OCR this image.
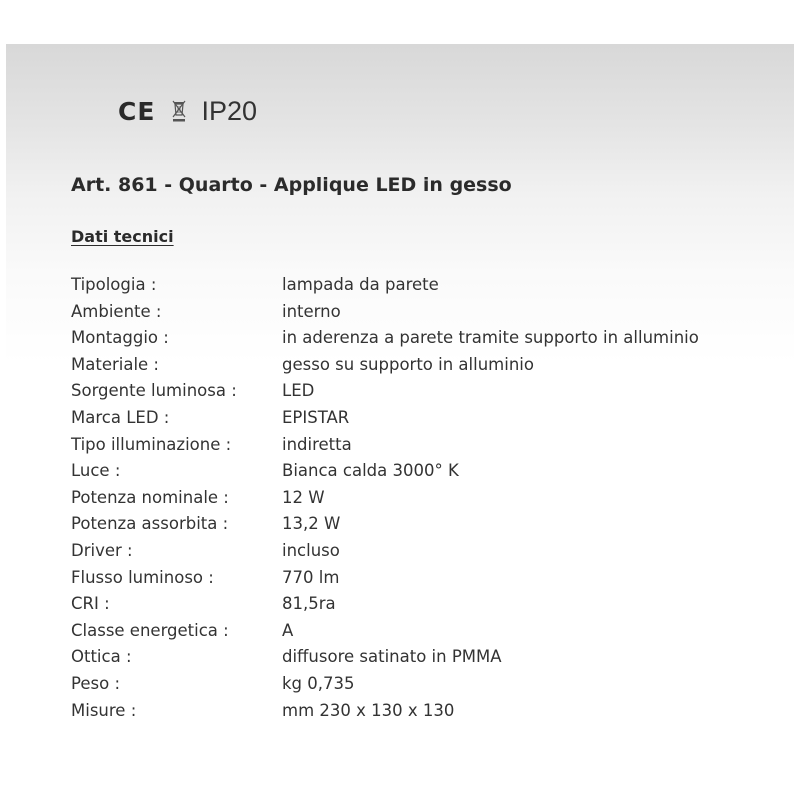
CE IP20
Art. 861 - Quarto - Applique LED in gesso
Dati tecnici
Tipologia :	lampada da parete
Ambiente :	interno
Montaggio :	in aderenza a parete tramite supporto in alluminio
Materiale :	gesso su supporto in alluminio
Sorgente luminosa :	LED
Marca LED :	EPISTAR
Tipo illuminazione :	indiretta
Luce :	Bianca calda 3000° K
Potenza nominale :	12 W
Potenza assorbita :	13,2 W
Driver :	incluso
Flusso luminoso :	770 lm
CRI :	81,5ra
Classe energetica :	A
Ottica :	diffusore satinato in PMMA
Peso :	kg 0,735
Misure :	mm 230 x 130 x 130
